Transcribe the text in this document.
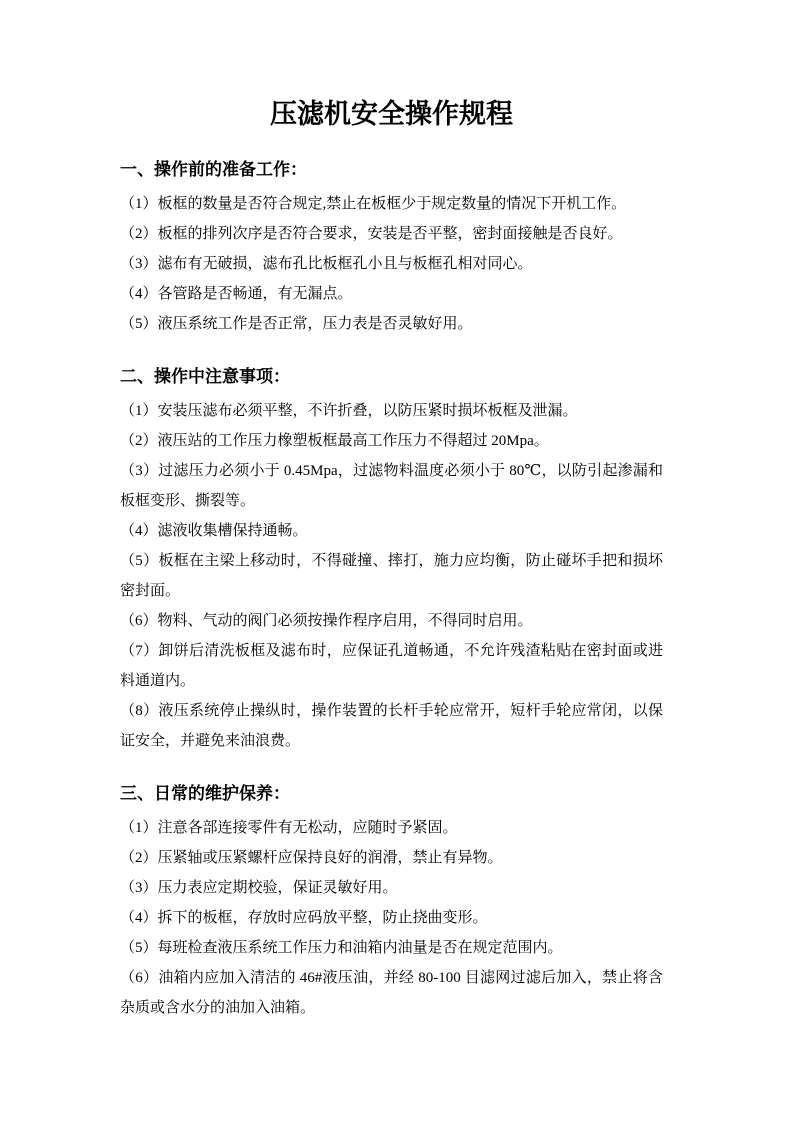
压滤机安全操作规程
一、操作前的准备工作：

（1）板框的数量是否符合规定,禁止在板框少于规定数量的情况下开机工作。

（2）板框的排列次序是否符合要求，安装是否平整，密封面接触是否良好。

（3）滤布有无破损，滤布孔比板框孔小且与板框孔相对同心。

（4）各管路是否畅通，有无漏点。

（5）液压系统工作是否正常，压力表是否灵敏好用。

二、操作中注意事项：

（1）安装压滤布必须平整，不许折叠，以防压紧时损坏板框及泄漏。

（2）液压站的工作压力橡塑板框最高工作压力不得超过 20Mpa。

（3）过滤压力必须小于 0.45Mpa，过滤物料温度必须小于 80℃，以防引起渗漏和板框变形、撕裂等。

（4）滤液收集槽保持通畅。

（5）板框在主梁上移动时，不得碰撞、摔打，施力应均衡，防止碰坏手把和损坏密封面。

（6）物料、气动的阀门必须按操作程序启用，不得同时启用。

（7）卸饼后清洗板框及滤布时，应保证孔道畅通，不允许残渣粘贴在密封面或进料通道内。

（8）液压系统停止操纵时，操作装置的长杆手轮应常开，短杆手轮应常闭，以保证安全，并避免来油浪费。

三、日常的维护保养：

（1）注意各部连接零件有无松动，应随时予紧固。

（2）压紧轴或压紧螺杆应保持良好的润滑，禁止有异物。

（3）压力表应定期校验，保证灵敏好用。

（4）拆下的板框，存放时应码放平整，防止挠曲变形。

（5）每班检查液压系统工作压力和油箱内油量是否在规定范围内。

（6）油箱内应加入清洁的 46#液压油，并经 80-100 目滤网过滤后加入，禁止将含杂质或含水分的油加入油箱。
